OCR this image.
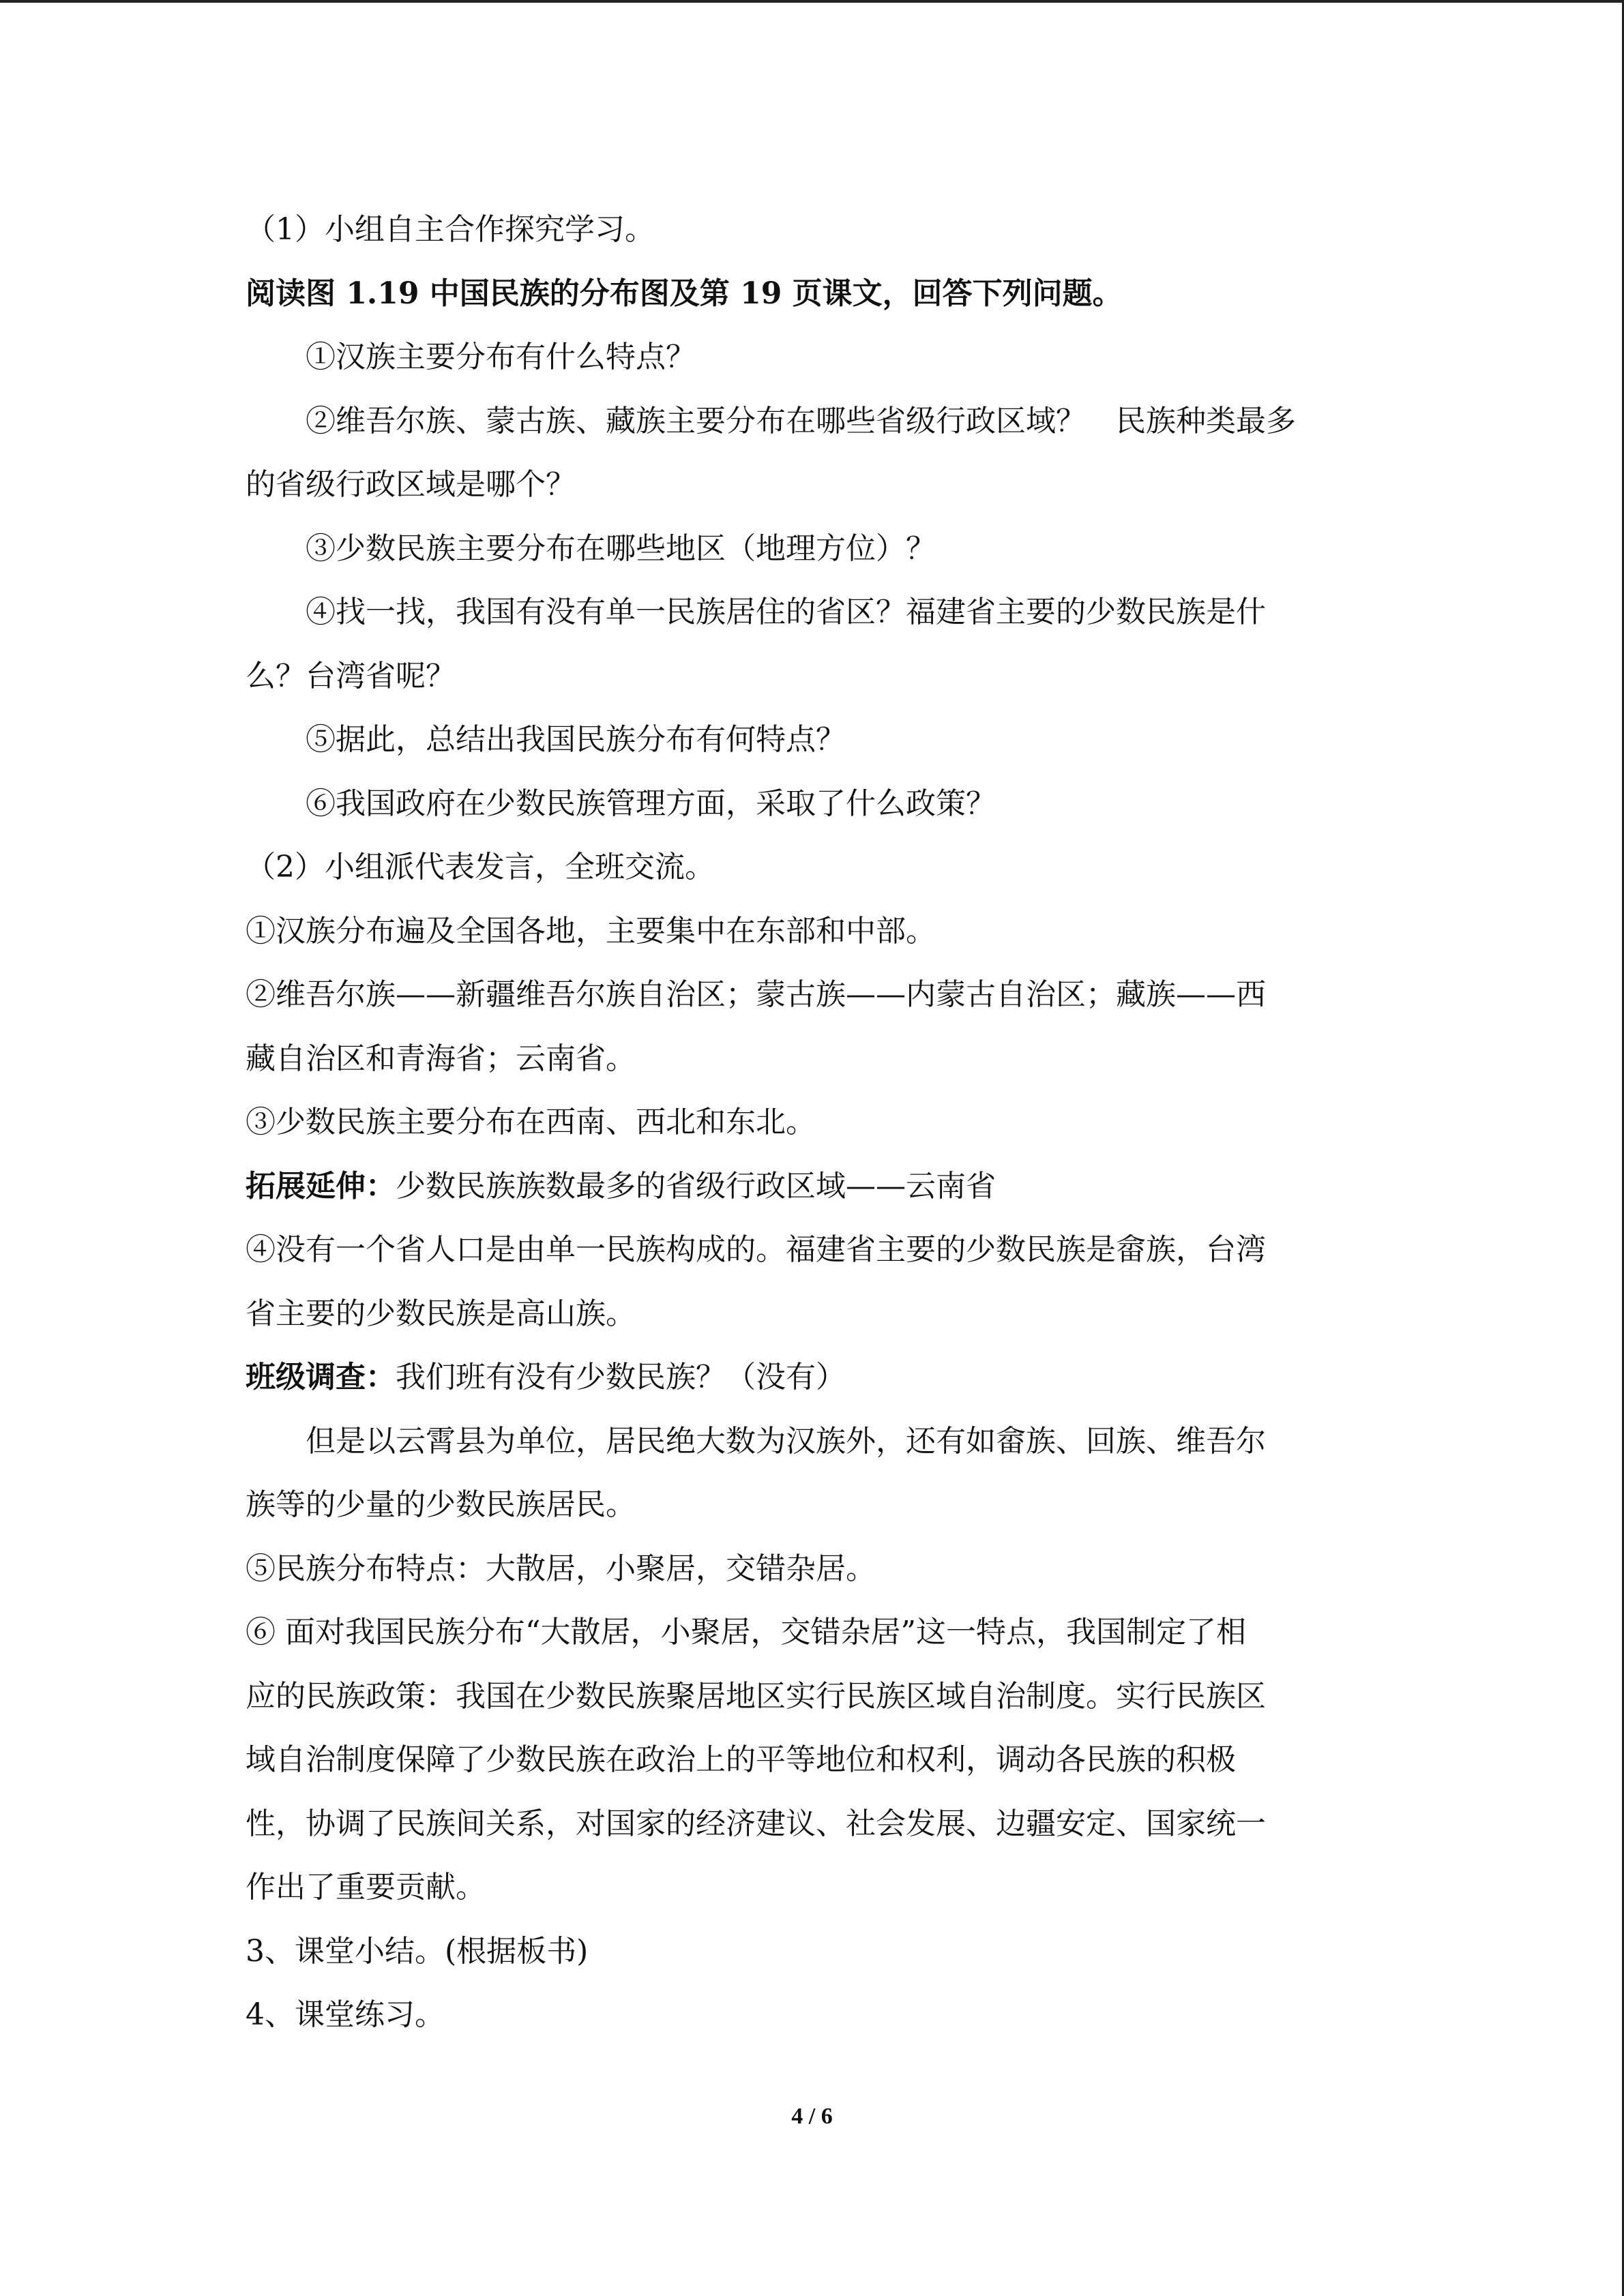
（1）小组自主合作探究学习。
阅读图 1.19 中国民族的分布图及第 19 页课文，回答下列问题。
①汉族主要分布有什么特点？
②维吾尔族、蒙古族、藏族主要分布在哪些省级行政区域？　民族种类最多
的省级行政区域是哪个？
③少数民族主要分布在哪些地区（地理方位）？
④找一找，我国有没有单一民族居住的省区？福建省主要的少数民族是什
么？台湾省呢？
⑤据此，总结出我国民族分布有何特点？
⑥我国政府在少数民族管理方面，采取了什么政策？
（2）小组派代表发言，全班交流。
①汉族分布遍及全国各地，主要集中在东部和中部。
②维吾尔族——新疆维吾尔族自治区；蒙古族——内蒙古自治区；藏族——西
藏自治区和青海省；云南省。
③少数民族主要分布在西南、西北和东北。
拓展延伸：少数民族族数最多的省级行政区域——云南省
④没有一个省人口是由单一民族构成的。福建省主要的少数民族是畲族，台湾
省主要的少数民族是高山族。
班级调查：我们班有没有少数民族？（没有）
但是以云霄县为单位，居民绝大数为汉族外，还有如畲族、回族、维吾尔
族等的少量的少数民族居民。
⑤民族分布特点：大散居，小聚居，交错杂居。
⑥ 面对我国民族分布“大散居，小聚居，交错杂居”这一特点，我国制定了相
应的民族政策：我国在少数民族聚居地区实行民族区域自治制度。实行民族区
域自治制度保障了少数民族在政治上的平等地位和权利，调动各民族的积极
性，协调了民族间关系，对国家的经济建议、社会发展、边疆安定、国家统一
作出了重要贡献。
3、课堂小结。(根据板书)
4、课堂练习。
4 / 6
